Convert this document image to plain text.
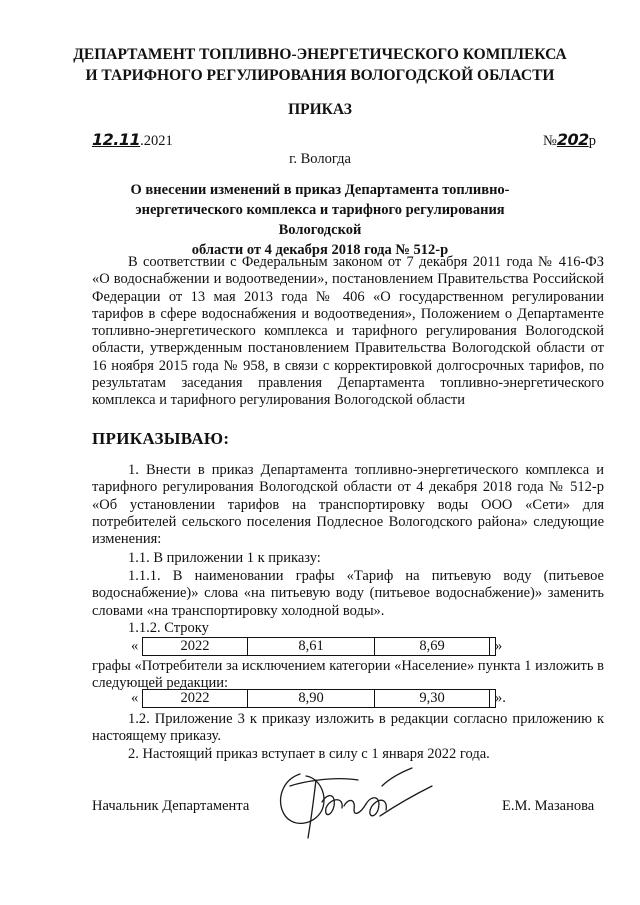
ДЕПАРТАМЕНТ ТОПЛИВНО-ЭНЕРГЕТИЧЕСКОГО КОМПЛЕКСА
И ТАРИФНОГО РЕГУЛИРОВАНИЯ ВОЛОГОДСКОЙ ОБЛАСТИ
ПРИКАЗ
12.11.2021	№202р
г. Вологда
О внесении изменений в приказ Департамента топливно-
энергетического комплекса и тарифного регулирования Вологодской
области от 4 декабря 2018 года № 512-р
В соответствии с Федеральным законом от 7 декабря 2011 года № 416-ФЗ «О водоснабжении и водоотведении», постановлением Правительства Российской Федерации от 13 мая 2013 года № 406 «О государственном регулировании тарифов в сфере водоснабжения и водоотведения», Положением о Департаменте топливно-энергетического комплекса и тарифного регулирования Вологодской области, утвержденным постановлением Правительства Вологодской области от 16 ноября 2015 года № 958, в связи с корректировкой долгосрочных тарифов, по результатам заседания правления Департамента топливно-энергетического комплекса и тарифного регулирования Вологодской области
ПРИКАЗЫВАЮ:
1. Внести в приказ Департамента топливно-энергетического комплекса и тарифного регулирования Вологодской области от 4 декабря 2018 года № 512-р «Об установлении тарифов на транспортировку воды ООО «Сети» для потребителей сельского поселения Подлесное Вологодского района» следующие изменения:
1.1. В приложении 1 к приказу:
1.1.1. В наименовании графы «Тариф на питьевую воду (питьевое водоснабжение)» слова «на питьевую воду (питьевое водоснабжение)» заменить словами «на транспортировку холодной воды».
1.1.2. Строку
«	2022	8,61	8,69		»
графы «Потребители за исключением категории «Население» пункта 1 изложить в следующей редакции:
«	2022	8,90	9,30		».
1.2. Приложение 3 к приказу изложить в редакции согласно приложению к настоящему приказу.
2. Настоящий приказ вступает в силу с 1 января 2022 года.
Начальник Департамента	Е.М. Мазанова
